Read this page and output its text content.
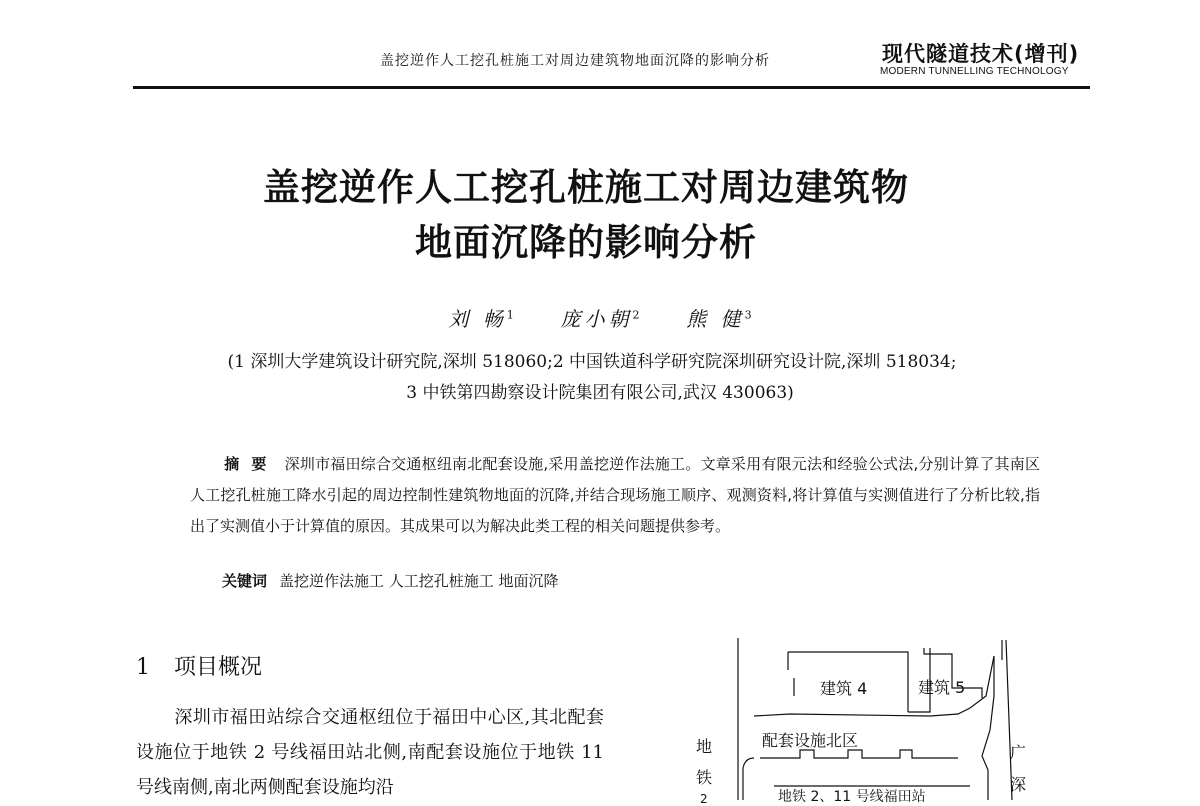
盖挖逆作人工挖孔桩施工对周边建筑物地面沉降的影响分析	现代隧道技术(增刊)
MODERN TUNNELLING TECHNOLOGY
盖挖逆作人工挖孔桩施工对周边建筑物
地面沉降的影响分析
刘 畅$^1$ 庞小朝$^2$ 熊 健$^3$
(1 深圳大学建筑设计研究院,深圳 518060;2 中国铁道科学研究院深圳研究设计院,深圳 518034;
3 中铁第四勘察设计院集团有限公司,武汉 430063)
摘要 深圳市福田综合交通枢纽南北配套设施,采用盖挖逆作法施工。文章采用有限元法和经验公式法,分别计算了其南区人工挖孔桩施工降水引起的周边控制性建筑物地面的沉降,并结合现场施工顺序、观测资料,将计算值与实测值进行了分析比较,指出了实测值小于计算值的原因。其成果可以为解决此类工程的相关问题提供参考。
关键词 盖挖逆作法施工 人工挖孔桩施工 地面沉降
1 项目概况
深圳市福田站综合交通枢纽位于福田中心区,其北配套设施位于地铁 2 号线福田站北侧,南配套设施位于地铁 11 号线南侧,南北两侧配套设施均沿
建筑 4	建筑 5
配套设施北区
地
铁
2	地铁 2、11 号线福田站
广
深
